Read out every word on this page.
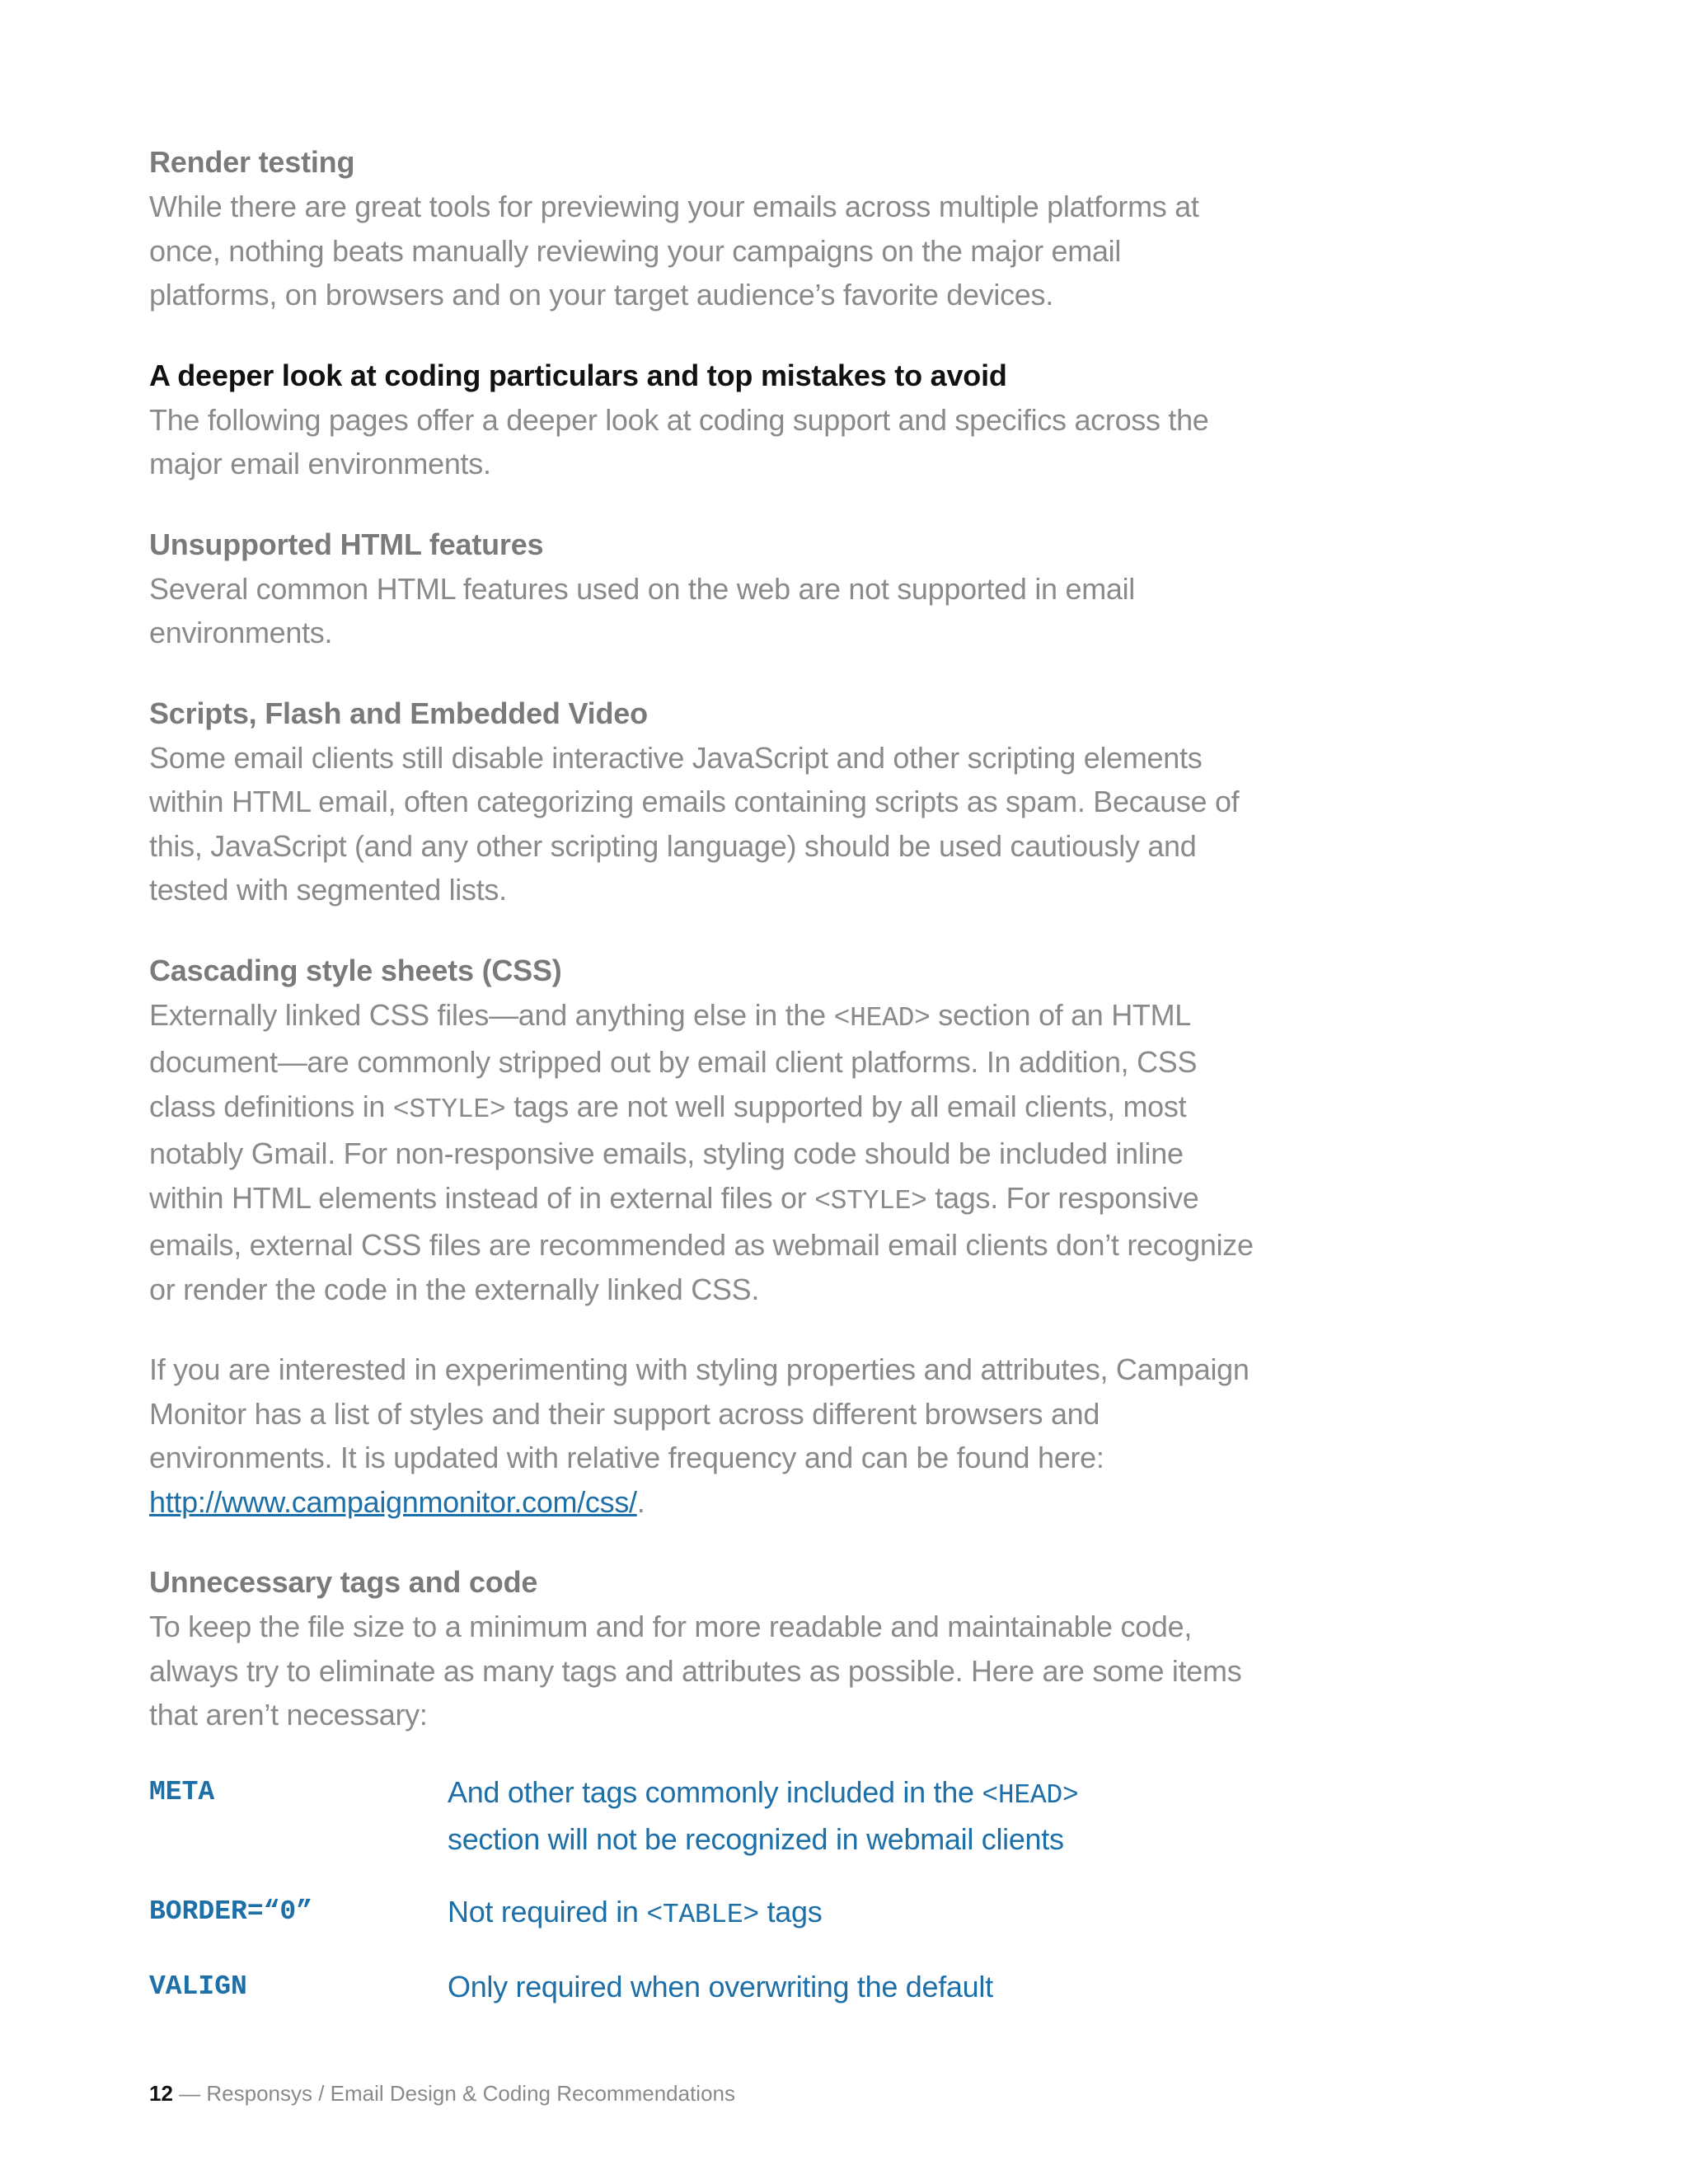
Render testing
While there are great tools for previewing your emails across multiple platforms at once, nothing beats manually reviewing your campaigns on the major email platforms, on browsers and on your target audience’s favorite devices.
A deeper look at coding particulars and top mistakes to avoid
The following pages offer a deeper look at coding support and specifics across the major email environments.
Unsupported HTML features
Several common HTML features used on the web are not supported in email environments.
Scripts, Flash and Embedded Video
Some email clients still disable interactive JavaScript and other scripting elements within HTML email, often categorizing emails containing scripts as spam. Because of this, JavaScript (and any other scripting language) should be used cautiously and tested with segmented lists.
Cascading style sheets (CSS)
Externally linked CSS files—and anything else in the <HEAD> section of an HTML document—are commonly stripped out by email client platforms. In addition, CSS class definitions in <STYLE> tags are not well supported by all email clients, most notably Gmail. For non-responsive emails, styling code should be included inline within HTML elements instead of in external files or <STYLE> tags. For responsive emails, external CSS files are recommended as webmail email clients don’t recognize or render the code in the externally linked CSS.
If you are interested in experimenting with styling properties and attributes, Campaign Monitor has a list of styles and their support across different browsers and environments. It is updated with relative frequency and can be found here: http://www.campaignmonitor.com/css/.
Unnecessary tags and code
To keep the file size to a minimum and for more readable and maintainable code, always try to eliminate as many tags and attributes as possible. Here are some items that aren’t necessary:
META	And other tags commonly included in the <HEAD> section will not be recognized in webmail clients
BORDER=“0”	Not required in <TABLE> tags
VALIGN	Only required when overwriting the default
12 — Responsys / Email Design & Coding Recommendations
